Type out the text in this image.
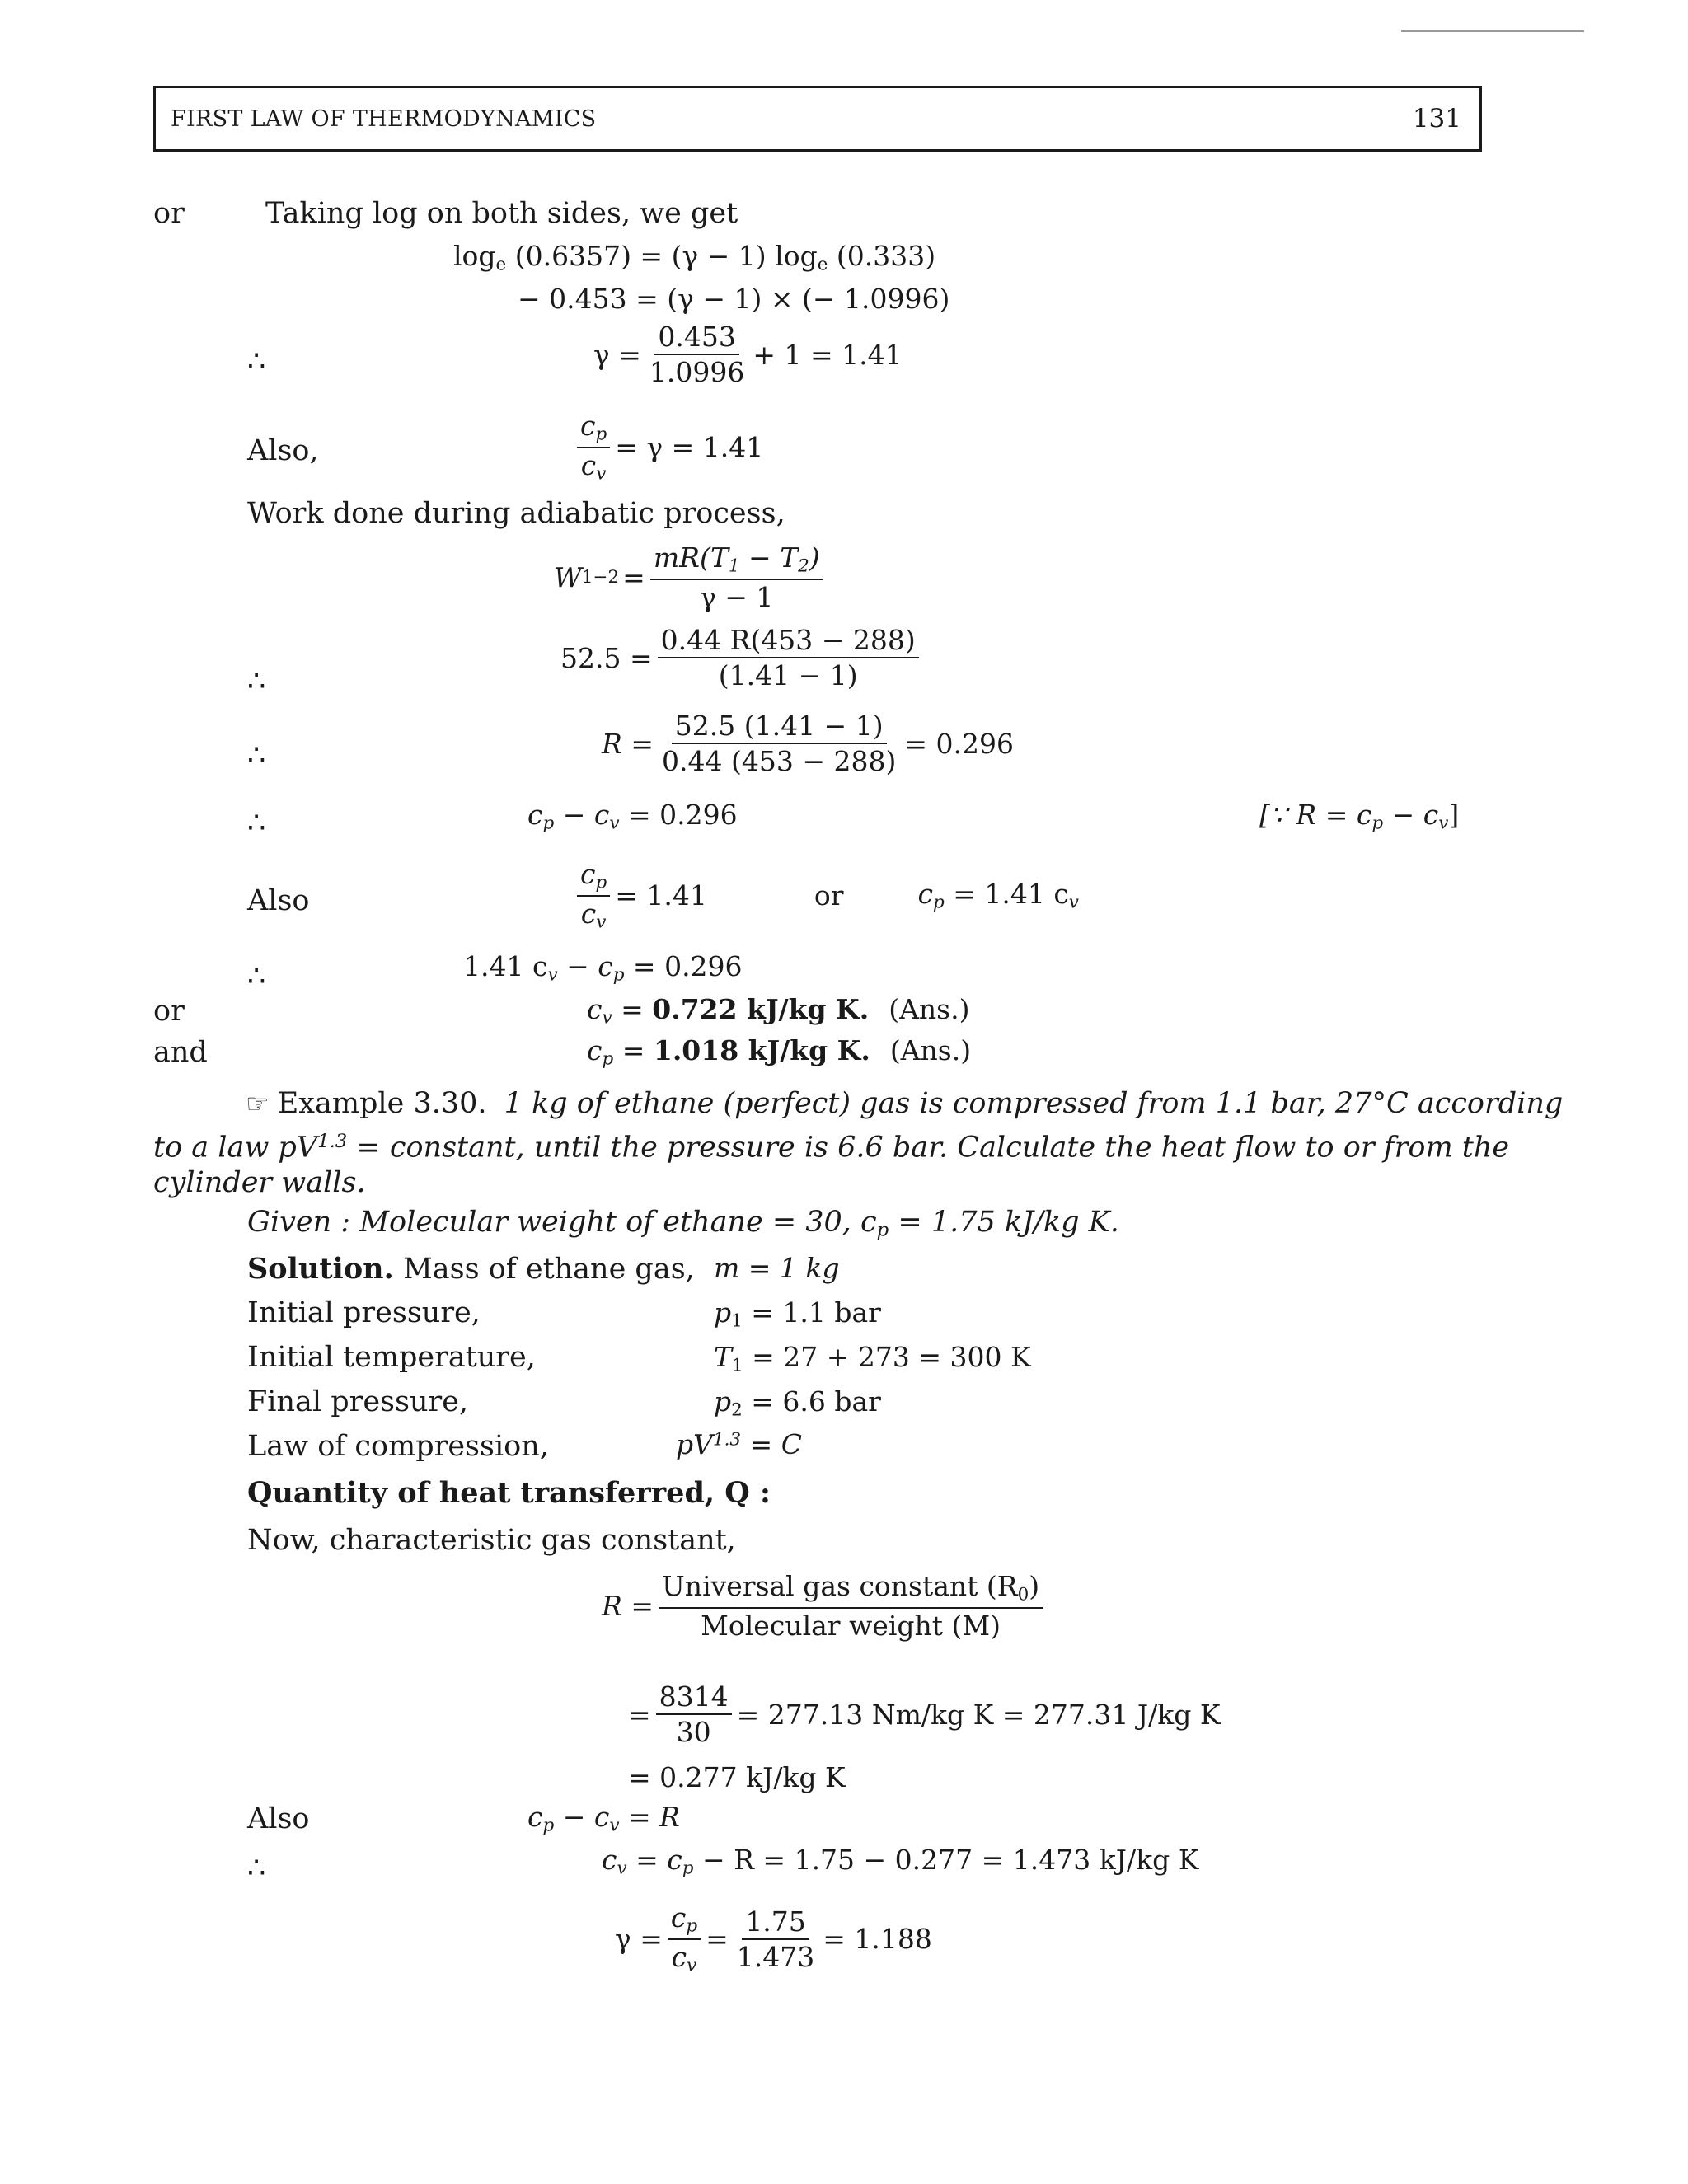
FIRST LAW OF THERMODYNAMICS	131
or	Taking log on both sides, we get
$\log_e (0.6357) = (\gamma - 1)$ $\log_e (0.333)$
− 0.453 = (γ − 1) × (− 1.0996)
∴	$\gamma = \frac{0.453}{1.0996} + 1 = 1.41$
Also,	$\frac{c_p}{c_v} = \gamma = 1.41$
Work done during adiabatic process,
W $1-2 = \frac{mR(T_1 - T_2)}{\gamma - 1}$
∴
$52.5 = \frac{0.44 R(453 - 288)}{(1.41 - 1)}$
∴	$R = \frac{52.5 (1.41 - 1)}{0.44 (453 - 288)} = 0.296$
∴	$c_p - c_v = 0.296$	[∵ $R = c_p - c_v$]
Also	$\frac{c_p}{c_v} = 1.41$	or	$c_p = 1.41$ $c_v$
∴	1.41 $c_v - c_p = 0.296$
or	$c_v = 0.722$ kJ/kg K. (Ans.)
and	$c_p = 1.018$ kJ/kg K. (Ans.)
☞ Example 3.30. 1 kg of ethane (perfect) gas is compressed from 1.1 bar, 27°C according
to a law $pV^{1.3}$ = constant, until the pressure is 6.6 bar. Calculate the heat flow to or from the
cylinder walls.
Given : Molecular weight of ethane = 30, $c_p = 1.75$ kJ/kg K.
Solution. Mass of ethane gas, m = 1 kg
Initial pressure,	$p_1 = 1.1$ bar
Initial temperature,	$T_1 = 27 + 273 = 300$ K
Final pressure,	$p_2 = 6.6$ bar
Law of compression,	$pV^{1.3} = C$
Quantity of heat transferred, Q :
Now, characteristic gas constant,
$R = \frac{Universal gas constant (R_0)}{\text{Molecular weight (M)}}$
= $\frac{8314}{30} = 277.13$ Nm/kg K = 277.31 J/kg K
= 0.277 kJ/kg K
Also	$c_p - c_v = R$
∴	$c_v = c_p - R = 1.75 - 0.277 = 1.473$ kJ/kg K
$\gamma = \frac{c_p}{c_v} = \frac{1.75}{1.473} = 1.188$
